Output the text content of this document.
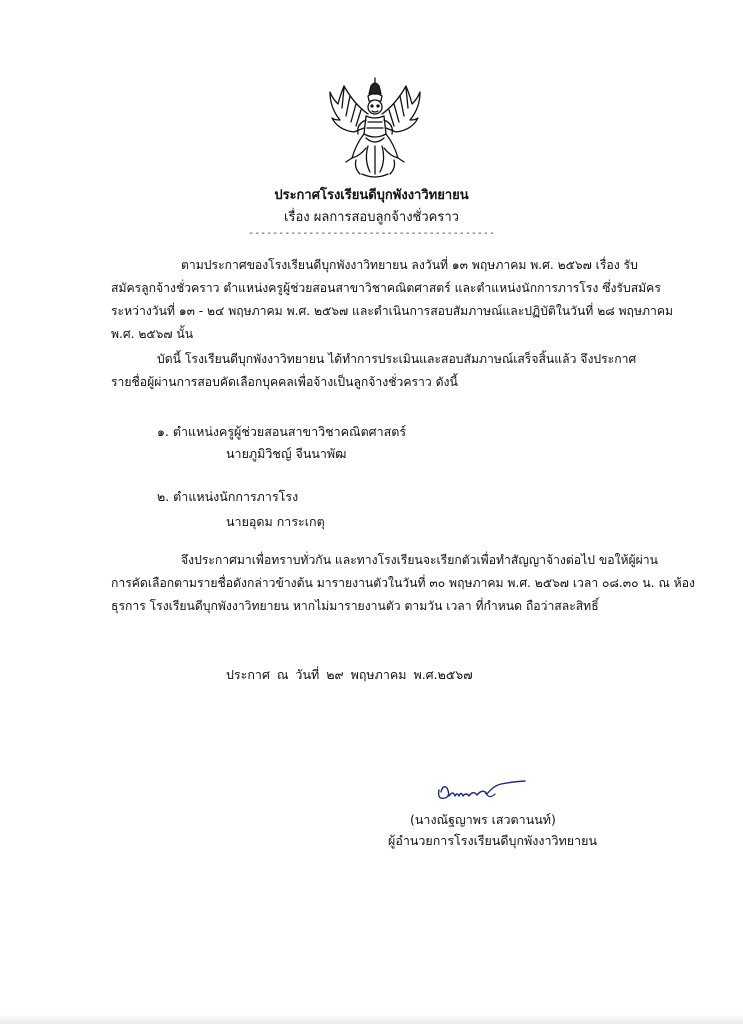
ประกาศโรงเรียนดีบุกพังงาวิทยายน
เรื่อง ผลการสอบลูกจ้างชั่วคราว
-----------------------------------------
ตามประกาศของโรงเรียนดีบุกพังงาวิทยายน ลงวันที่ ๑๓ พฤษภาคม พ.ศ. ๒๕๖๗ เรื่อง รับ
สมัครลูกจ้างชั่วคราว ตำแหน่งครูผู้ช่วยสอนสาขาวิชาคณิตศาสตร์ และตำแหน่งนักการภารโรง ซึ่งรับสมัคร
ระหว่างวันที่ ๑๓ - ๒๔ พฤษภาคม พ.ศ. ๒๕๖๗ และดำเนินการสอบสัมภาษณ์และปฏิบัติในวันที่ ๒๘ พฤษภาคม
พ.ศ. ๒๕๖๗ นั้น
บัดนี้ โรงเรียนดีบุกพังงาวิทยายน ได้ทำการประเมินและสอบสัมภาษณ์เสร็จสิ้นแล้ว จึงประกาศ
รายชื่อผู้ผ่านการสอบคัดเลือกบุคคลเพื่อจ้างเป็นลูกจ้างชั่วคราว ดังนี้
๑. ตำแหน่งครูผู้ช่วยสอนสาขาวิชาคณิตศาสตร์
นายภูมิวิชญ์ จีนนาพัฒ
๒. ตำแหน่งนักการภารโรง
นายอุดม การะเกตุ
จึงประกาศมาเพื่อทราบทั่วกัน และทางโรงเรียนจะเรียกตัวเพื่อทำสัญญาจ้างต่อไป ขอให้ผู้ผ่าน
การคัดเลือกตามรายชื่อดังกล่าวข้างต้น มารายงานตัวในวันที่ ๓๐ พฤษภาคม พ.ศ. ๒๕๖๗ เวลา ๐๘.๓๐ น. ณ ห้อง
ธุรการ โรงเรียนดีบุกพังงาวิทยายน หากไม่มารายงานตัว ตามวัน เวลา ที่กำหนด ถือว่าสละสิทธิ์
ประกาศ ณ วันที่ ๒๙ พฤษภาคม พ.ศ.๒๕๖๗
(นางณัฐญาพร เสวตานนท์)
ผู้อำนวยการโรงเรียนดีบุกพังงาวิทยายน
